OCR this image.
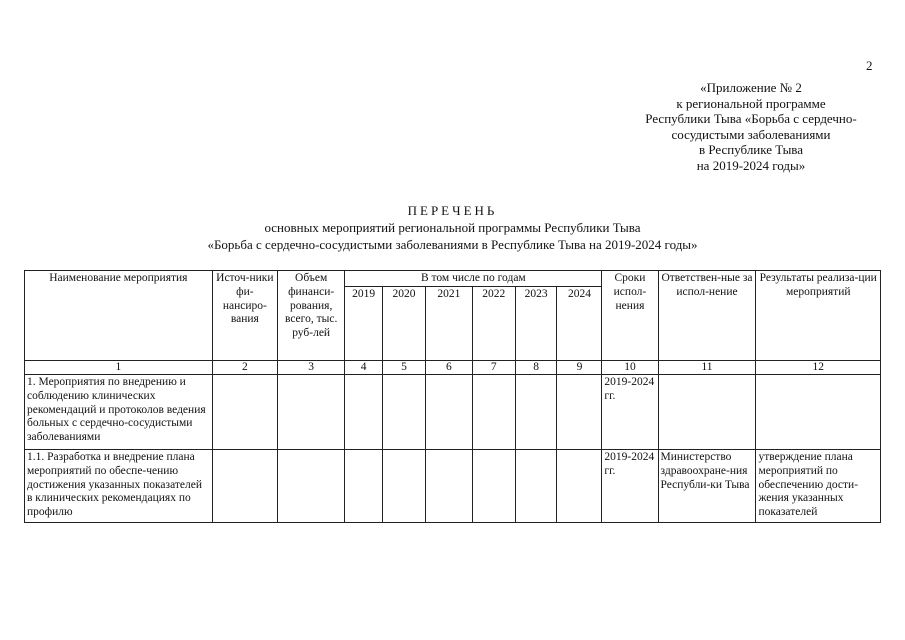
2
«Приложение № 2
к региональной программе
Республики Тыва «Борьба с сердечно-
сосудистыми заболеваниями
в Республике Тыва
на 2019-2024 годы»
ПЕРЕЧЕНЬ
основных мероприятий региональной программы Республики Тыва
«Борьба с сердечно-сосудистыми заболеваниями в Республике Тыва на 2019-2024 годы»
Наименование мероприятия	Источ-ники фи-нансиро-вания	Объем финанси-рования, всего, тыс. руб-лей	В том числе по годам						Сроки испол-нения	Ответствен-ные за испол-нение	Результаты реализа-ции мероприятий
			2019	2020	2021	2022	2023	2024			
1	2	3	4	5	6	7	8	9	10	11	12
1. Мероприятия по внедрению и соблюдению клинических рекомендаций и протоколов ведения больных с сердечно-сосудистыми заболеваниями									2019-2024 гг.		
1.1. Разработка и внедрение плана мероприятий по обеспе-чению достижения указанных показателей в клинических рекомендациях по профилю									2019-2024 гг.	Министерство здравоохране-ния Республи-ки Тыва	утверждение плана мероприятий по обеспечению дости-жения указанных показателей
